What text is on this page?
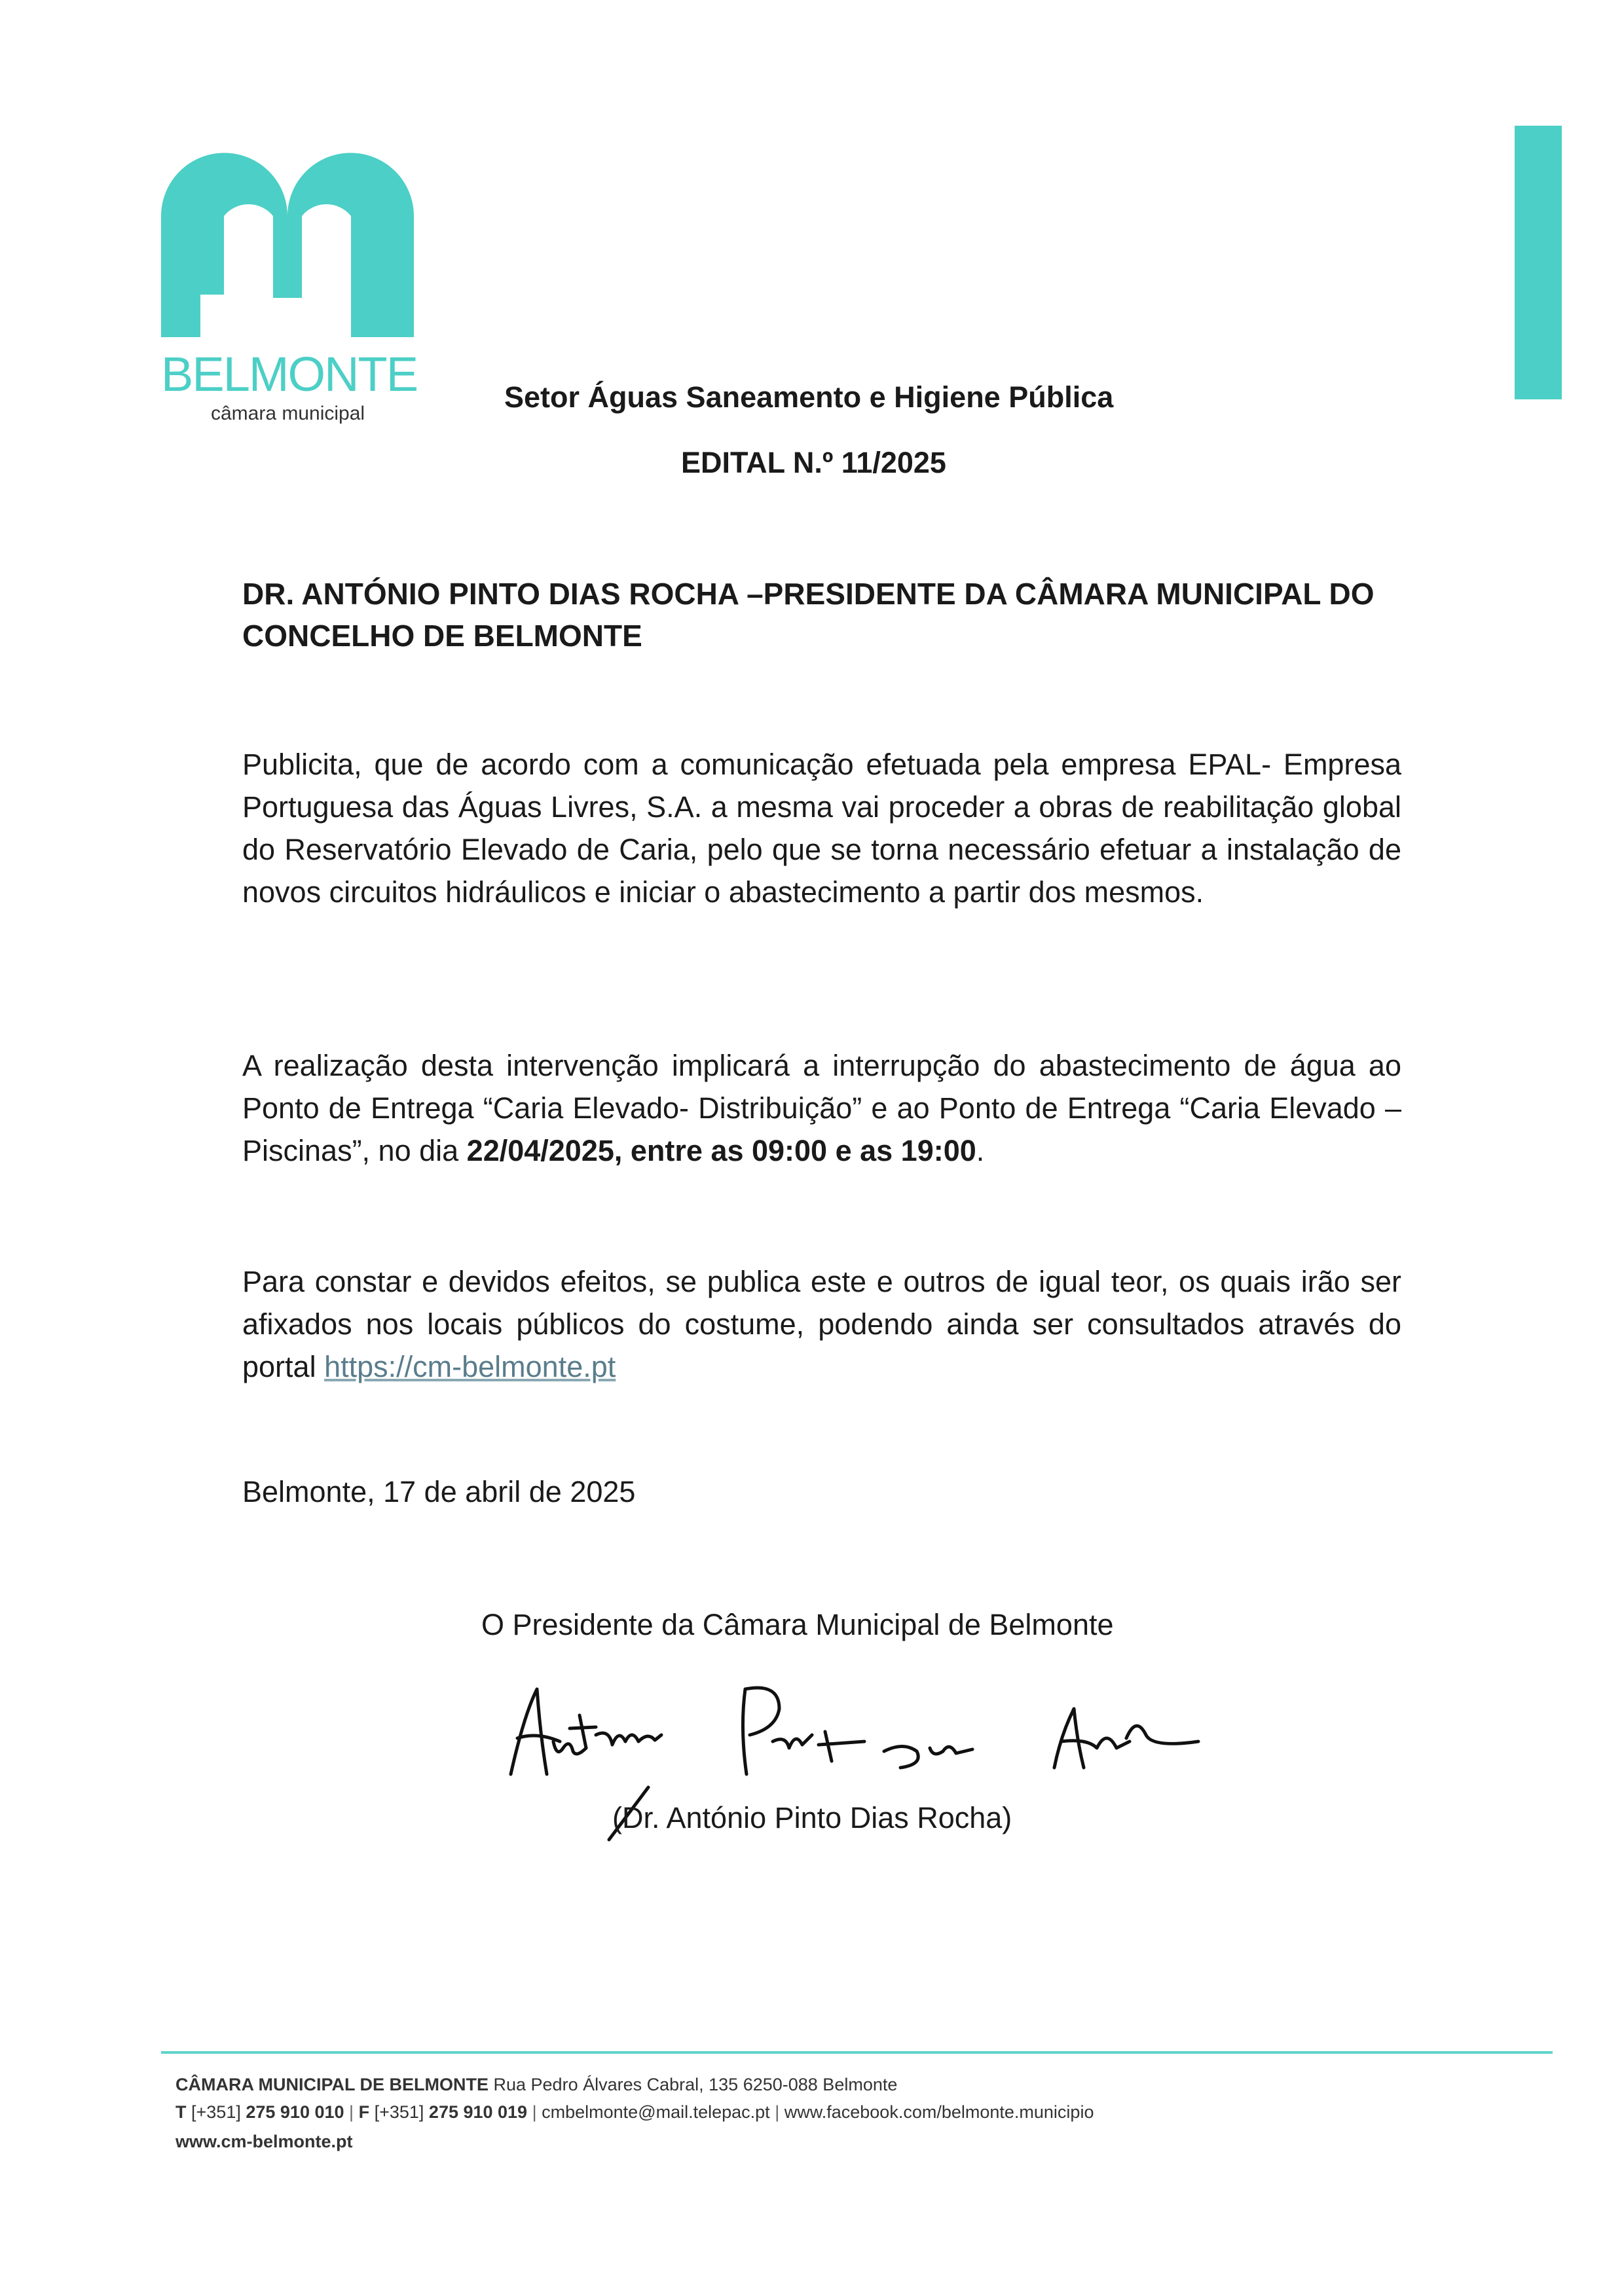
BELMONTE
câmara municipal	Setor Águas Saneamento e Higiene Pública
EDITAL N.º 11/2025
DR. ANTÓNIO PINTO DIAS ROCHA –PRESIDENTE DA CÂMARA MUNICIPAL DO CONCELHO DE BELMONTE
Publicita, que de acordo com a comunicação efetuada pela empresa EPAL- Empresa Portuguesa das Águas Livres, S.A. a mesma vai proceder a obras de reabilitação global do Reservatório Elevado de Caria, pelo que se torna necessário efetuar a instalação de novos circuitos hidráulicos e iniciar o abastecimento a partir dos mesmos.
A realização desta intervenção implicará a interrupção do abastecimento de água ao Ponto de Entrega “Caria Elevado- Distribuição” e ao Ponto de Entrega “Caria Elevado – Piscinas”, no dia 22/04/2025, entre as 09:00 e as 19:00.
Para constar e devidos efeitos, se publica este e outros de igual teor, os quais irão ser afixados nos locais públicos do costume, podendo ainda ser consultados através do portal https://cm-belmonte.pt
Belmonte, 17 de abril de 2025
O Presidente da Câmara Municipal de Belmonte
(Dr. António Pinto Dias Rocha)
CÂMARA MUNICIPAL DE BELMONTE Rua Pedro Álvares Cabral, 135 6250-088 Belmonte
T [+351] 275 910 010 | F [+351] 275 910 019 | cmbelmonte@mail.telepac.pt | www.facebook.com/belmonte.municipio
www.cm-belmonte.pt
